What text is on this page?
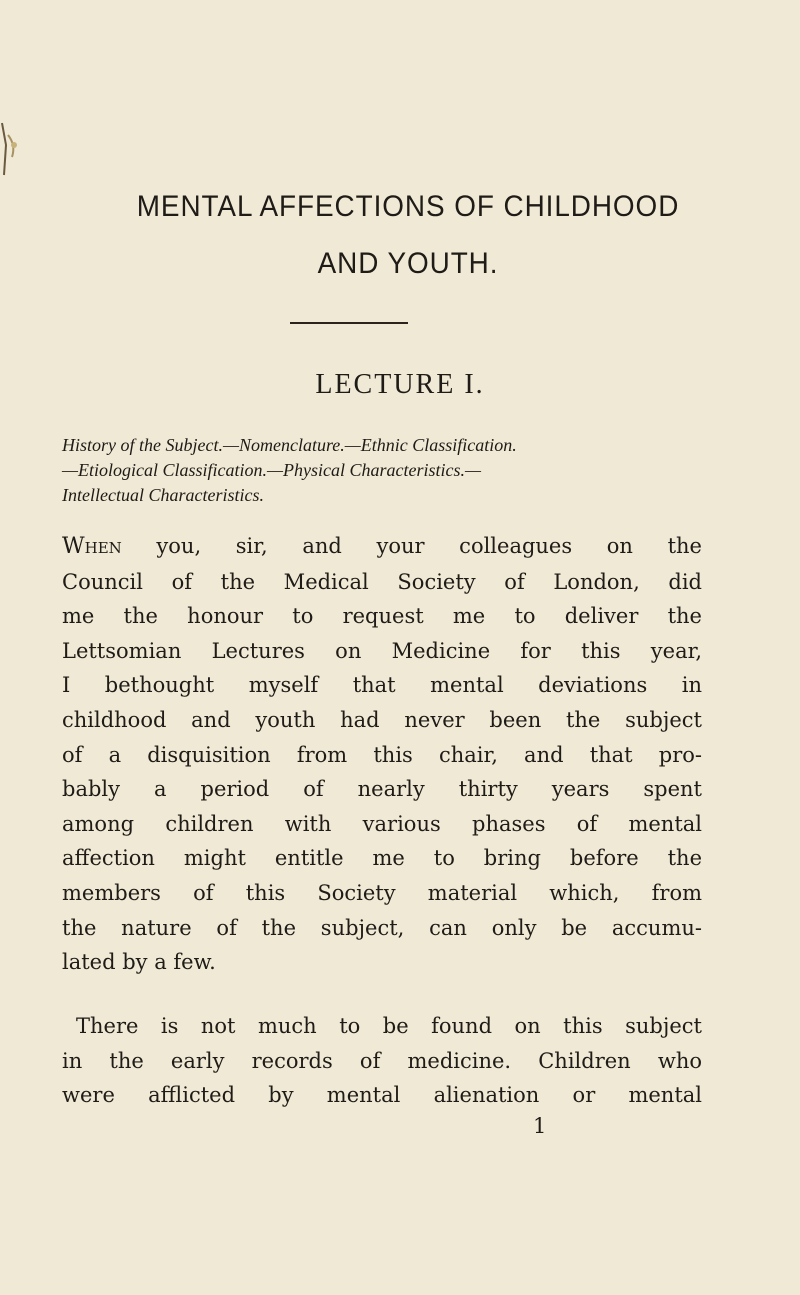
MENTAL AFFECTIONS OF CHILDHOOD
AND YOUTH.
LECTURE I.
History of the Subject.—Nomenclature.—Ethnic Classification.
—Etiological Classification.—Physical Characteristics.—
Intellectual Characteristics.
When you, sir, and your colleagues on the
Council of the Medical Society of London, did
me the honour to request me to deliver the
Lettsomian Lectures on Medicine for this year,
I bethought myself that mental deviations in
childhood and youth had never been the subject
of a disquisition from this chair, and that pro-
bably a period of nearly thirty years spent
among children with various phases of mental
affection might entitle me to bring before the
members of this Society material which, from
the nature of the subject, can only be accumu-
lated by a few.
There is not much to be found on this subject
in the early records of medicine. Children who
were afflicted by mental alienation or mental
1
